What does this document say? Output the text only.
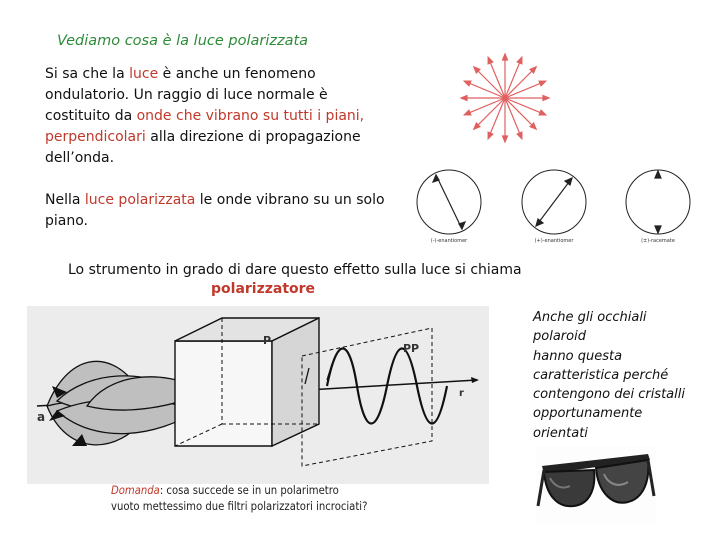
Vediamo cosa è la luce polarizzata
Si sa che la luce è anche un fenomeno ondulatorio. Un raggio di luce normale è costituito da onde che vibrano su tutti i piani, perpendicolari alla direzione di propagazione dell’onda.
Nella luce polarizzata le onde vibrano su un solo piano.
Lo strumento in grado di dare questo effetto sulla luce si chiama
polarizzatore
(-)-enantiomer	(+)-enantiomer	(±)-racemate
P
PP
r
a
Domanda: cosa succede se in un polarimetro
vuoto mettessimo due filtri polarizzatori incrociati?
Anche gli occhiali
polaroid
hanno questa
caratteristica perché
contengono dei cristalli
opportunamente
orientati
